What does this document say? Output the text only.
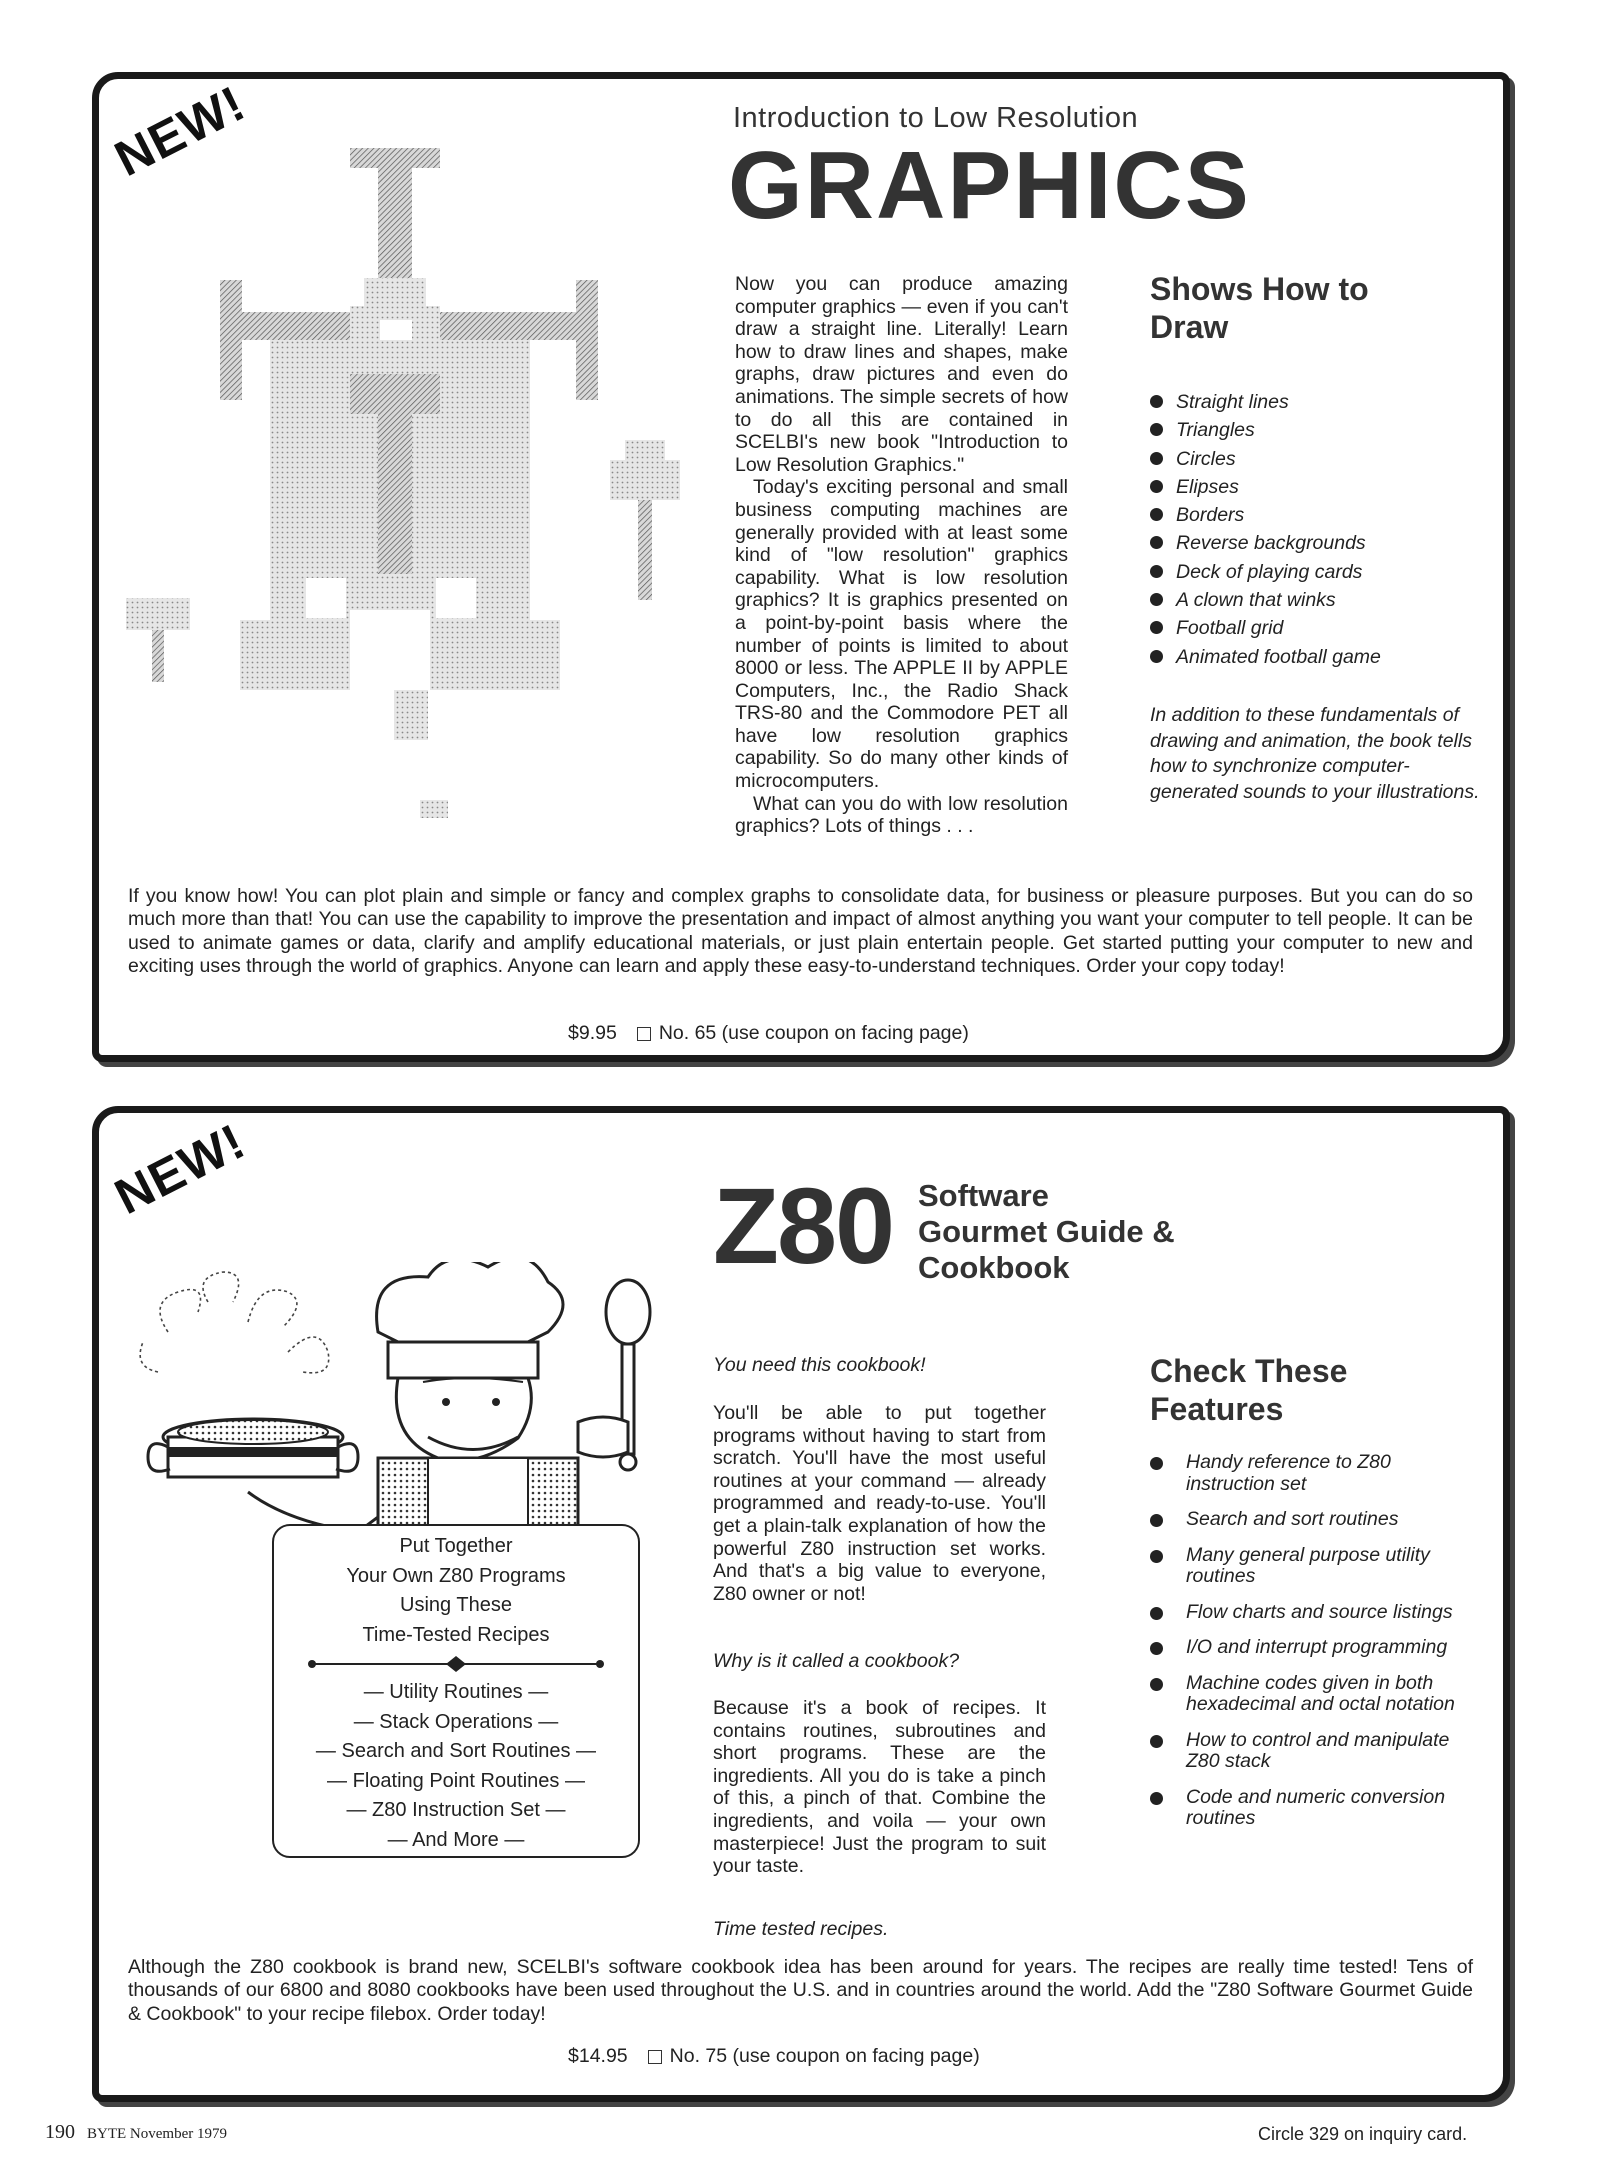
NEW!	Introduction to Low Resolution
GRAPHICS

Now you can produce amazing computer graphics — even if you can't draw a straight line. Literally! Learn how to draw lines and shapes, make graphs, draw pictures and even do animations. The simple secrets of how to do all this are contained in SCELBI's new book "Introduction to Low Resolution Graphics."

Today's exciting personal and small business computing machines are generally provided with at least some kind of "low resolution" graphics capability. What is low resolution graphics? It is graphics presented on a point-by-point basis where the number of points is limited to about 8000 or less. The APPLE II by APPLE Computers, Inc., the Radio Shack TRS-80 and the Commodore PET all have low resolution graphics capability. So do many other kinds of microcomputers.

What can you do with low resolution graphics? Lots of things . . .

Shows How to Draw
Straight lines
Triangles
Circles
Elipses
Borders
Reverse backgrounds
Deck of playing cards
A clown that winks
Football grid
Animated football game
In addition to these fundamentals of drawing and animation, the book tells how to synchronize computer-generated sounds to your illustrations.
If you know how! You can plot plain and simple or fancy and complex graphs to consolidate data, for business or pleasure purposes. But you can do so much more than that! You can use the capability to improve the presentation and impact of almost anything you want your computer to tell people. It can be used to animate games or data, clarify and amplify educational materials, or just plain entertain people. Get started putting your computer to new and exciting uses through the world of graphics. Anyone can learn and apply these easy-to-understand techniques. Order your copy today!
$9.95 No. 65 (use coupon on facing page)
NEW!	Z80 Software
Gourmet Guide &
Cookbook
Put Together
Your Own Z80 Programs
Using These
Time-Tested Recipes
— Utility Routines —
— Stack Operations —
— Search and Sort Routines —
— Floating Point Routines —
— Z80 Instruction Set —
— And More —
You need this cookbook!
You'll be able to put together programs without having to start from scratch. You'll have the most useful routines at your command — already programmed and ready-to-use. You'll get a plain-talk explanation of how the powerful Z80 instruction set works. And that's a big value to everyone, Z80 owner or not!
Why is it called a cookbook?
Because it's a book of recipes. It contains routines, subroutines and short programs. These are the ingredients. All you do is take a pinch of this, a pinch of that. Combine the ingredients, and voila — your own masterpiece! Just the program to suit your taste.
Time tested recipes.
Check These Features
Handy reference to Z80 instruction set
Search and sort routines
Many general purpose utility routines
Flow charts and source listings
I/O and interrupt programming
Machine codes given in both hexadecimal and octal notation
How to control and manipulate Z80 stack
Code and numeric conversion routines
Although the Z80 cookbook is brand new, SCELBI's software cookbook idea has been around for years. The recipes are really time tested! Tens of thousands of our 6800 and 8080 cookbooks have been used throughout the U.S. and in countries around the world. Add the "Z80 Software Gourmet Guide & Cookbook" to your recipe filebox. Order today!
$14.95 No. 75 (use coupon on facing page)
190 BYTE November 1979	Circle 329 on inquiry card.
